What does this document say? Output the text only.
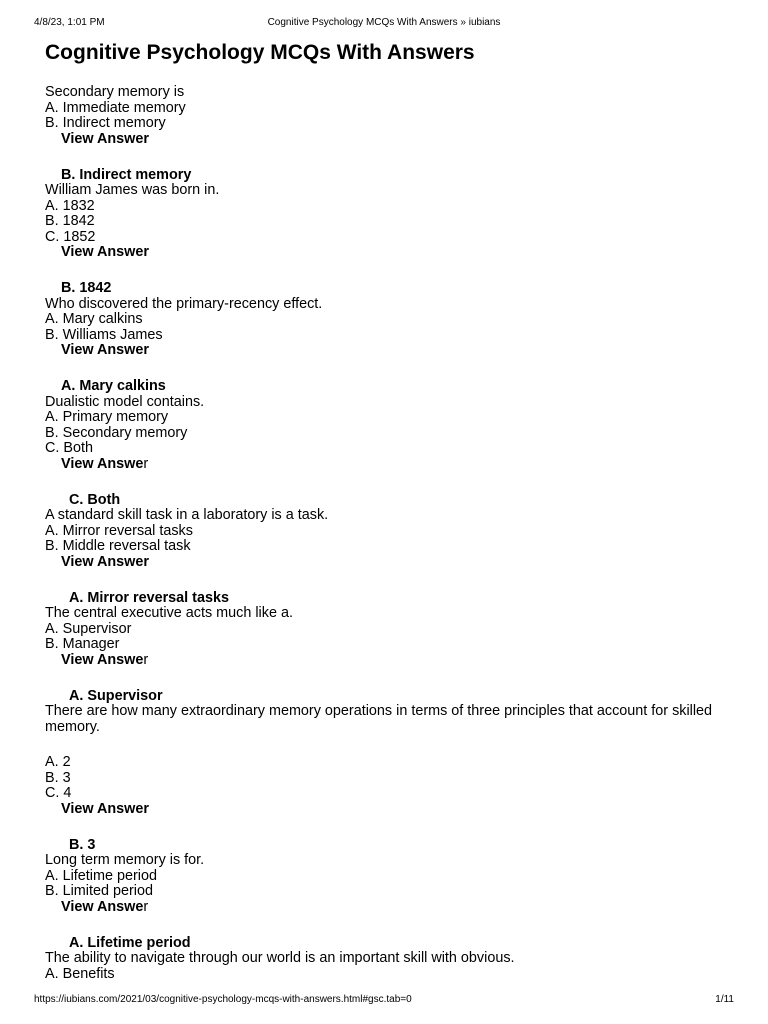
4/8/23, 1:01 PM	Cognitive Psychology MCQs With Answers » iubians
Cognitive Psychology MCQs With Answers

Secondary memory is

A. Immediate memory

B. Indirect memory

View Answer

B. Indirect memory

William James was born in.

A. 1832

B. 1842

C. 1852

View Answer

B. 1842

Who discovered the primary-recency effect.

A. Mary calkins

B. Williams James

View Answer

A. Mary calkins

Dualistic model contains.

A. Primary memory

B. Secondary memory

C. Both

View Answer

C. Both

A standard skill task in a laboratory is a task.

A. Mirror reversal tasks

B. Middle reversal task

View Answer

A. Mirror reversal tasks

The central executive acts much like a.

A. Supervisor

B. Manager

View Answer

A. Supervisor

There are how many extraordinary memory operations in terms of three principles that account for skilled memory.

A. 2

B. 3

C. 4

View Answer

B. 3

Long term memory is for.

A. Lifetime period

B. Limited period

View Answer

A. Lifetime period

The ability to navigate through our world is an important skill with obvious.

A. Benefits

https://iubians.com/2021/03/cognitive-psychology-mcqs-with-answers.html#gsc.tab=0	1/11
